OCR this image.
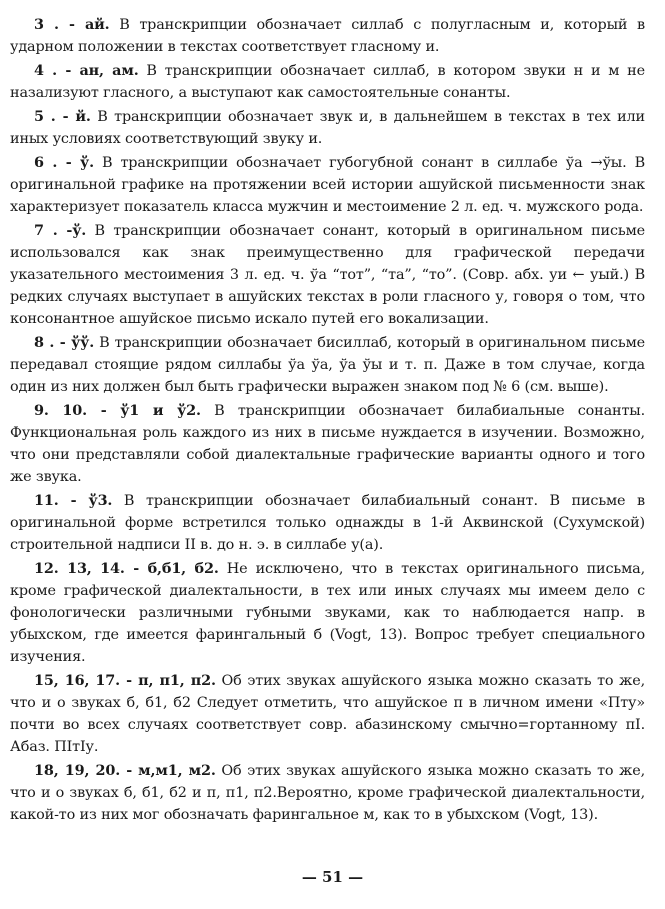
3 . - ай. В транскрипции обозначает силлаб с полугласным и, который в ударном положении в текстах соответствует гласному и.

4 . - ан, ам. В транскрипции обозначает силлаб, в котором звуки н и м не назализуют гласного, а выступают как самостоятельные сонанты.

5 . - й. В транскрипции обозначает звук и, в дальнейшем в текстах в тех или иных условиях соответствующий звуку и.

6 . - ў. В транскрипции обозначает губогубной сонант в силлабе ўа →ўы. В оригинальной графике на протяжении всей истории ашуйской письменности знак характеризует показатель класса мужчин и местоимение 2 л. ед. ч. мужского рода.

7 . -ў. В транскрипции обозначает сонант, который в оригинальном письме использовался как знак преимущественно для графической передачи указательного местоимения 3 л. ед. ч. ўа “тот”, “та”, “то”. (Совр. абх. уи ← уый.) В редких случаях выступает в ашуйских текстах в роли гласного у, говоря о том, что консонантное ашуйское письмо искало путей его вокализации.

8 . - ўў. В транскрипции обозначает бисиллаб, который в оригинальном письме передавал стоящие рядом силлабы ўа ўа, ўа ўы и т. п. Даже в том случае, когда один из них должен был быть графически выражен знаком под № 6 (см. выше).

9. 10. - ў1 и ў2. В транскрипции обозначает билабиальные сонанты. Функциональная роль каждого из них в письме нуждается в изучении. Возможно, что они представляли собой диалектальные графические варианты одного и того же звука.

11. - ў3. В транскрипции обозначает билабиальный сонант. В письме в оригинальной форме встретился только однажды в 1-й Аквинской (Сухумской) строительной надписи II в. до н. э. в силлабе у(а).

12. 13, 14. - б,б1, б2. Не исключено, что в текстах оригинального письма, кроме графической диалектальности, в тех или иных случаях мы имеем дело с фонологически различными губными звуками, как то наблюдается напр. в убыхском, где имеется фарингальный б (Vogt, 13). Вопрос требует специального изучения.

15, 16, 17. - п, п1, п2. Об этих звуках ашуйского языка можно сказать то же, что и о звуках б, б1, б2 Следует отметить, что ашуйское п в личном имени «Пту» почти во всех случаях соответствует совр. абазинскому смычно=гортанному пI. Абаз. ПІтІу.

18, 19, 20. - м,м1, м2. Об этих звуках ашуйского языка можно сказать то же, что и о звуках б, б1, б2 и п, п1, п2.Вероятно, кроме графической диалектальности, какой-то из них мог обозначать фарингальное м, как то в убыхском (Vogt, 13).

— 51 —
